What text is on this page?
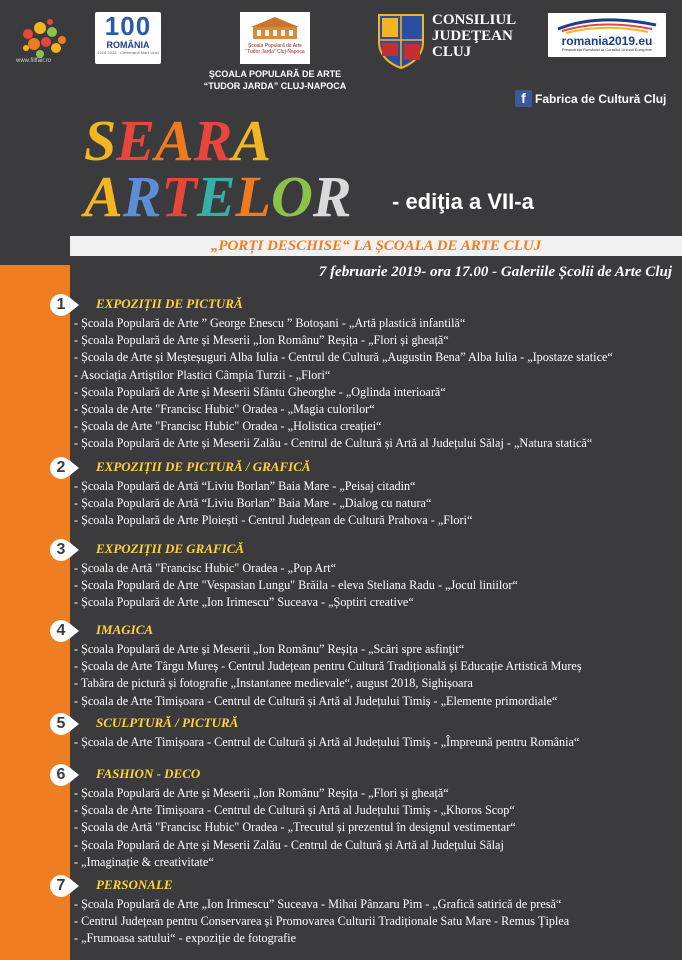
www.fillfair.ro
100
ROMÂNIA
1918-2018 · Centenarul Marii Uniri
Școala Populară de Arte
"Tudor Jarda" Cluj-Napoca
ŞCOALA POPULARĂ DE ARTE
“TUDOR JARDA” CLUJ-NAPOCA
CONSILIUL
JUDEŢEAN
CLUJ
romania2019.eu
Președinția României la Consiliul Uniunii Europene
f Fabrica de Cultură Cluj
SEARA
ARTELOR - ediţia a VII-a
„PORȚI DESCHISE“ LA ȘCOALA DE ARTE CLUJ
7 februarie 2019- ora 17.00 - Galeriile Școlii de Arte Cluj
1	EXPOZIȚII DE PICTURĂ
- Școala Populară de Arte ” George Enescu ” Botoșani - „Artă plastică infantilă“
- Școala Populară de Arte și Meserii „Ion Românu” Reșița - „Flori și gheață“
- Școala de Arte și Meșteșuguri Alba Iulia - Centrul de Cultură „Augustin Bena” Alba Iulia - „Ipostaze statice“
- Asociația Artiștilor Plastici Câmpia Turzii - „Flori“
- Școala Populară de Arte și Meserii Sfântu Gheorghe - „Oglinda interioară“
- Școala de Arte "Francisc Hubic" Oradea - „Magia culorilor“
- Școala de Arte "Francisc Hubic" Oradea - „Holistica creației“
- Școala Populară de Arte și Meserii Zalău - Centrul de Cultură și Artă al Județului Sălaj - „Natura statică“
2	EXPOZIȚII DE PICTURĂ / GRAFICĂ
- Școala Populară de Artă “Liviu Borlan” Baia Mare - „Peisaj citadin“
- Școala Populară de Artă “Liviu Borlan” Baia Mare - „Dialog cu natura“
- Școala Populară de Arte Ploiești - Centrul Județean de Cultură Prahova - „Flori“
3	EXPOZIȚII DE GRAFICĂ
- Școala de Artă "Francisc Hubic" Oradea - „Pop Art“
- Școala Populară de Arte "Vespasian Lungu" Brăila - eleva Steliana Radu - „Jocul liniilor“
- Școala Populară de Arte „Ion Irimescu” Suceava - „Șoptiri creative“
4	IMAGICA
- Școala Populară de Arte și Meserii „Ion Românu” Reșița - „Scări spre asfinţit“
- Școala de Arte Târgu Mureș - Centrul Județean pentru Cultură Tradițională și Educație Artistică Mureș
- Tabăra de pictură și fotografie „Instantanee medievale“, august 2018, Sighișoara
- Școala de Arte Timișoara - Centrul de Cultură și Artă al Județului Timiș - „Elemente primordiale“
5	SCULPTURĂ / PICTURĂ
- Școala de Arte Timișoara - Centrul de Cultură și Artă al Județului Timiș - „Împreună pentru România“
6	FASHION - DECO
- Școala Populară de Arte și Meserii „Ion Românu” Reșița - „Flori și gheață“
- Școala de Arte Timișoara - Centrul de Cultură și Artă al Județului Timiș - „Khoros Scop“
- Școala de Artă "Francisc Hubic" Oradea - „Trecutul și prezentul în designul vestimentar“
- Școala Populară de Arte și Meserii Zalău - Centrul de Cultură și Artă al Județului Sălaj
- „Imaginație & creativitate“
7	PERSONALE
- Școala Populară de Arte „Ion Irimescu” Suceava - Mihai Pânzaru Pim - „Grafică satirică de presă“
- Centrul Județean pentru Conservarea și Promovarea Culturii Tradiționale Satu Mare - Remus Țiplea
- „Frumoasa satului“ - expoziție de fotografie
